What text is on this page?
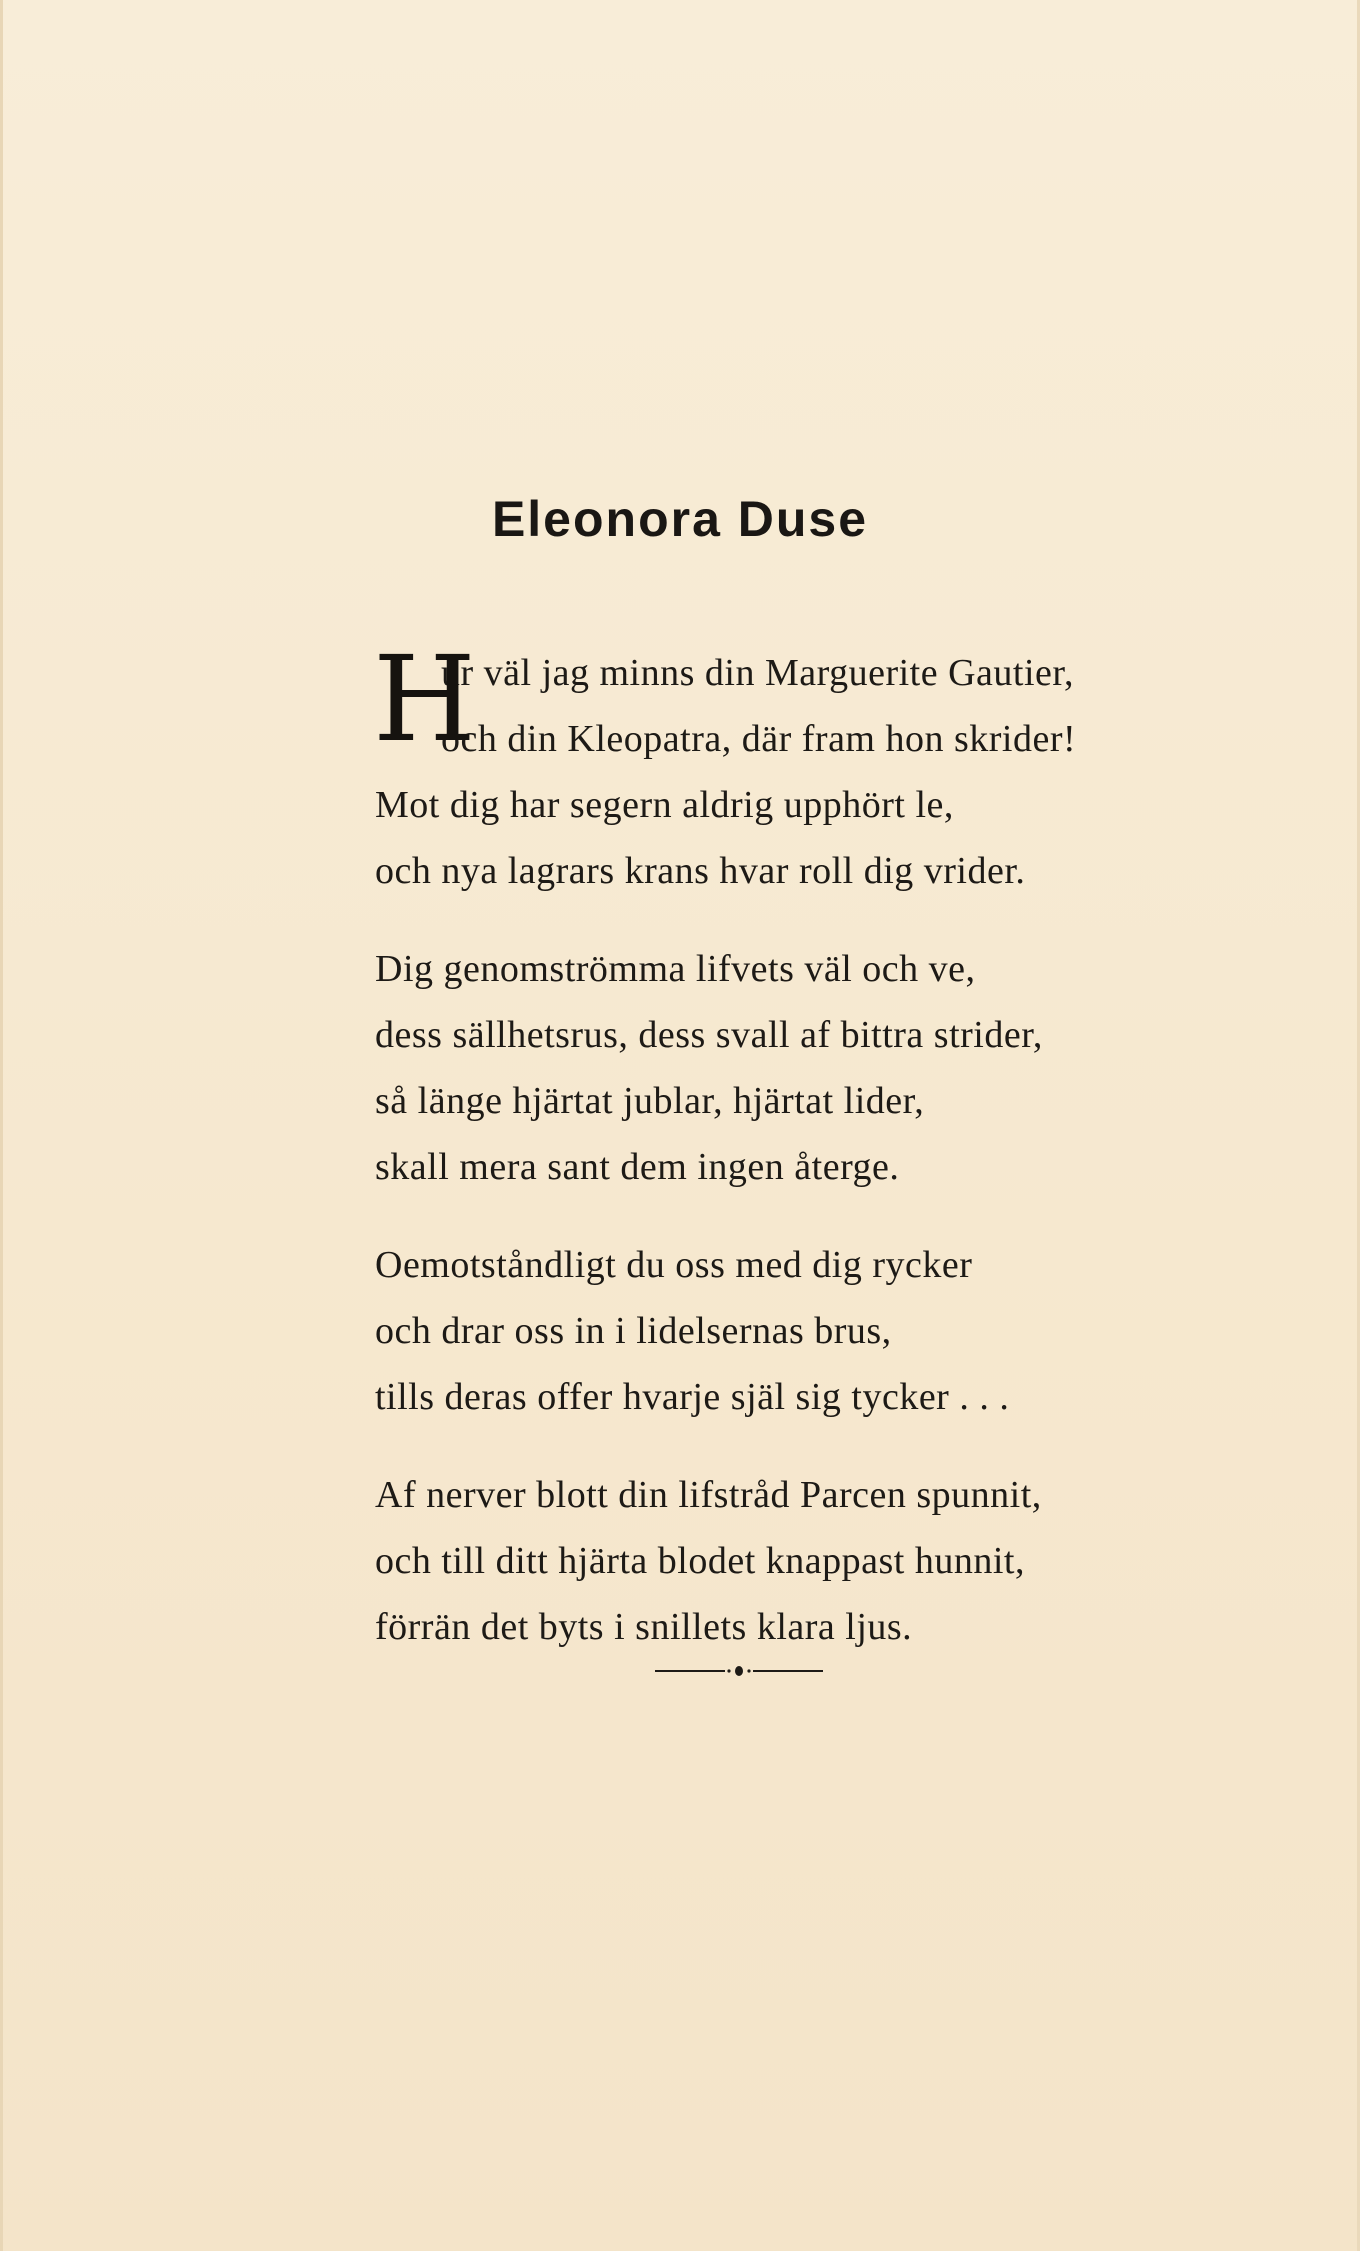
Eleonora Duse
H
ur väl jag minns din Marguerite Gautier,
och din Kleopatra, där fram hon skrider!
Mot dig har segern aldrig upphört le,
och nya lagrars krans hvar roll dig vrider.
Dig genomströmma lifvets väl och ve,
dess sällhetsrus, dess svall af bittra strider,
så länge hjärtat jublar, hjärtat lider,
skall mera sant dem ingen återge.
Oemotståndligt du oss med dig rycker
och drar oss in i lidelsernas brus,
tills deras offer hvarje själ sig tycker . . .
Af nerver blott din lifstråd Parcen spunnit,
och till ditt hjärta blodet knappast hunnit,
förrän det byts i snillets klara ljus.
